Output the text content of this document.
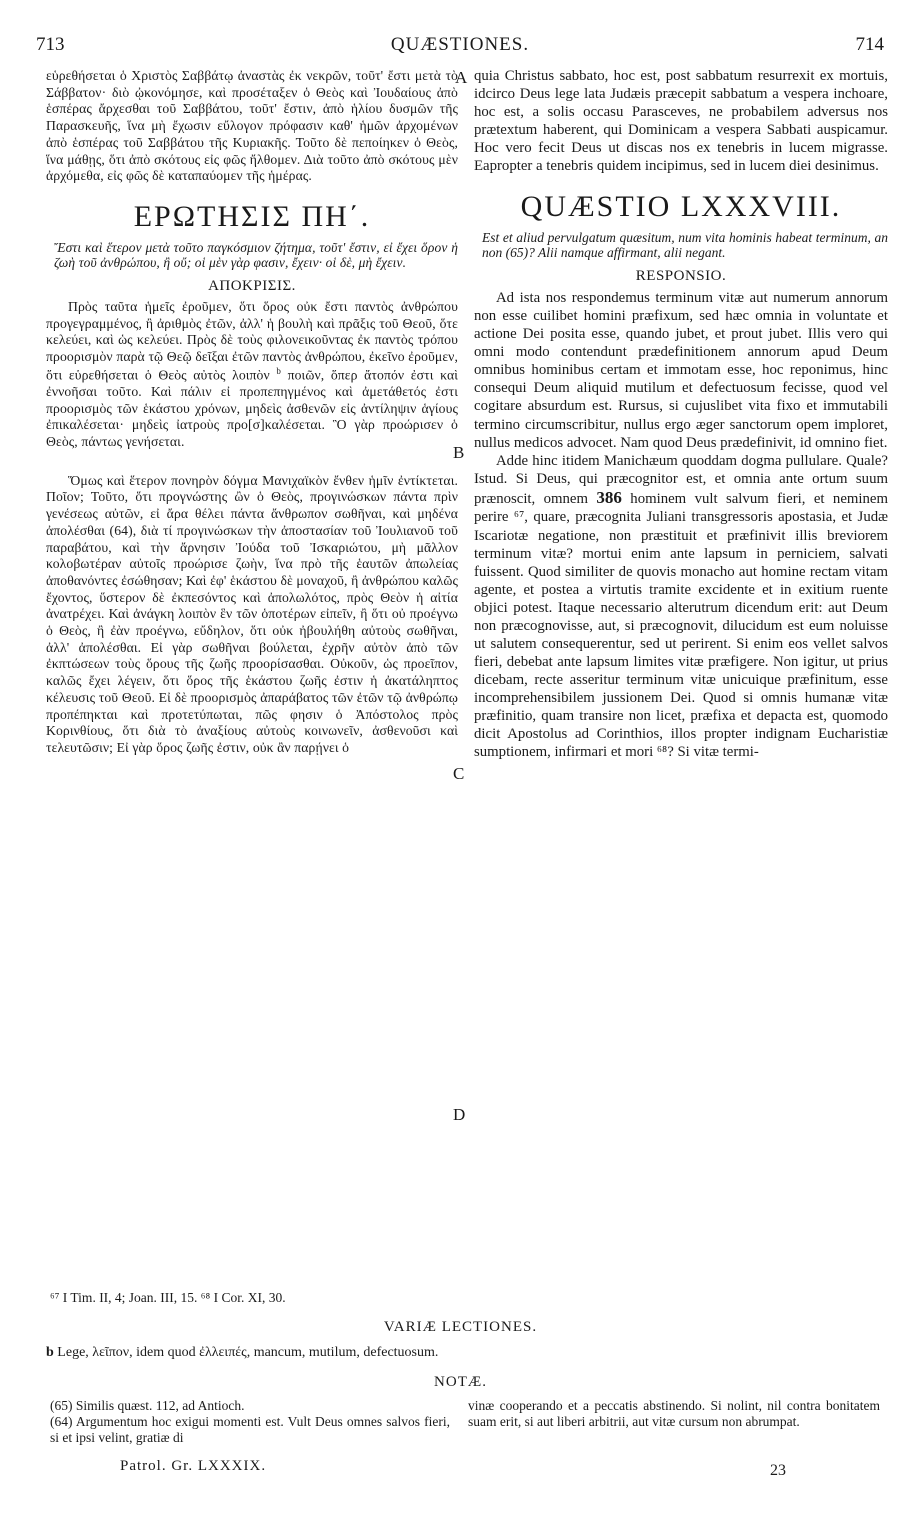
713	QUÆSTIONES.	714
A
B
C
D

εὑρεθήσεται ὁ Χριστὸς Σαββάτῳ ἀναστὰς ἐκ νεκρῶν, τοῦτ' ἔστι μετὰ τὸ Σάββατον· διὸ ᾠκονόμησε, καὶ προσέταξεν ὁ Θεὸς καὶ Ἰουδαίους ἀπὸ ἑσπέρας ἄρχεσθαι τοῦ Σαββάτου, τοῦτ' ἔστιν, ἀπὸ ἡλίου δυσμῶν τῆς Παρασκευῆς, ἵνα μὴ ἔχωσιν εὔλογον πρόφασιν καθ' ἡμῶν ἀρχομένων ἀπὸ ἑσπέρας τοῦ Σαββάτου τῆς Κυριακῆς. Τοῦτο δὲ πεποίηκεν ὁ Θεὸς, ἵνα μάθῃς, ὅτι ἀπὸ σκότους εἰς φῶς ἤλθομεν. Διὰ τοῦτο ἀπὸ σκότους μὲν ἀρχόμεθα, εἰς φῶς δὲ καταπαύομεν τῆς ἡμέρας.

ΕΡΩΤΗΣΙΣ ΠΗ΄.

Ἔστι καὶ ἕτερον μετὰ τοῦτο παγκόσμιον ζήτημα, τοῦτ' ἔστιν, εἰ ἔχει ὅρον ἡ ζωὴ τοῦ ἀνθρώπου, ἢ οὔ; οἱ μὲν γὰρ φασιν, ἔχειν· οἱ δὲ, μὴ ἔχειν.

ΑΠΟΚΡΙΣΙΣ.

Πρὸς ταῦτα ἡμεῖς ἐροῦμεν, ὅτι ὅρος οὐκ ἔστι παντὸς ἀνθρώπου προγεγραμμένος, ἢ ἀριθμὸς ἐτῶν, ἀλλ' ἡ βουλὴ καὶ πρᾶξις τοῦ Θεοῦ, ὅτε κελεύει, καὶ ὡς κελεύει. Πρὸς δὲ τοὺς φιλονεικοῦντας ἐκ παντὸς τρόπου προορισμὸν παρὰ τῷ Θεῷ δεῖξαι ἐτῶν παντὸς ἀνθρώπου, ἐκεῖνο ἐροῦμεν, ὅτι εὑρεθήσεται ὁ Θεὸς αὐτὸς λοιπὸν $^b$ ποιῶν, ὅπερ ἄτοπόν ἐστι καὶ ἐννοῆσαι τοῦτο. Καὶ πάλιν εἰ προπεπηγμένος καὶ ἀμετάθετός ἐστι προορισμὸς τῶν ἑκάστου χρόνων, μηδεὶς ἀσθενῶν εἰς ἀντίληψιν ἁγίους ἐπικαλέσεται· μηδεὶς ἰατροὺς προ[σ]καλέσεται. Ὃ γὰρ προώρισεν ὁ Θεὸς, πάντως γενήσεται.

Ὅμως καὶ ἕτερον πονηρὸν δόγμα Μανιχαϊκὸν ἔνθεν ἡμῖν ἐντίκτεται. Ποῖον; Τοῦτο, ὅτι προγνώστης ὢν ὁ Θεὸς, προγινώσκων πάντα πρὶν γενέσεως αὐτῶν, εἰ ἄρα θέλει πάντα ἄνθρωπον σωθῆναι, καὶ μηδένα ἀπολέσθαι (64), διὰ τί προγινώσκων τὴν ἀποστασίαν τοῦ Ἰουλιανοῦ τοῦ παραβάτου, καὶ τὴν ἄρνησιν Ἰούδα τοῦ Ἰσκαριώτου, μὴ μᾶλλον κολοβωτέραν αὐτοῖς προώρισε ζωὴν, ἵνα πρὸ τῆς ἑαυτῶν ἀπωλείας ἀποθανόντες ἐσώθησαν; Καὶ ἐφ' ἑκάστου δὲ μοναχοῦ, ἢ ἀνθρώπου καλῶς ἔχοντος, ὕστερον δὲ ἐκπεσόντος καὶ ἀπολωλότος, πρὸς Θεὸν ἡ αἰτία ἀνατρέχει. Καὶ ἀνάγκη λοιπὸν ἓν τῶν ὁποτέρων εἰπεῖν, ἢ ὅτι οὐ προέγνω ὁ Θεὸς, ἢ ἐὰν προέγνω, εὔδηλον, ὅτι οὐκ ἠβουλήθη αὐτοὺς σωθῆναι, ἀλλ' ἀπολέσθαι. Εἰ γὰρ σωθῆναι βούλεται, ἐχρῆν αὐτὸν ἀπὸ τῶν ἐκπτώσεων τοὺς ὅρους τῆς ζωῆς προορίσασθαι. Οὐκοῦν, ὡς προεῖπον, καλῶς ἔχει λέγειν, ὅτι ὅρος τῆς ἑκάστου ζωῆς ἐστιν ἡ ἀκατάληπτος κέλευσις τοῦ Θεοῦ. Εἰ δὲ προορισμὸς ἀπαράβατος τῶν ἐτῶν τῷ ἀνθρώπῳ προπέπηκται καὶ προτετύπωται, πῶς φησιν ὁ Ἀπόστολος πρὸς Κορινθίους, ὅτι διὰ τὸ ἀναξίους αὐτοὺς κοινωνεῖν, ἀσθενοῦσι καὶ τελευτῶσιν; Εἰ γὰρ ὅρος ζωῆς ἐστιν, οὐκ ἂν παρῄνει ὁ

quia Christus sabbato, hoc est, post sabbatum resurrexit ex mortuis, idcirco Deus lege lata Judæis præcepit sabbatum a vespera inchoare, hoc est, a solis occasu Parasceves, ne probabilem adversus nos prætextum haberent, qui Dominicam a vespera Sabbati auspicamur. Hoc vero fecit Deus ut discas nos ex tenebris in lucem migrasse. Eapropter a tenebris quidem incipimus, sed in lucem diei desinimus.

QUÆSTIO LXXXVIII.

Est et aliud pervulgatum quæsitum, num vita hominis habeat terminum, an non (65)? Alii namque affirmant, alii negant.

RESPONSIO.

Ad ista nos respondemus terminum vitæ aut numerum annorum non esse cuilibet homini præfixum, sed hæc omnia in voluntate et actione Dei posita esse, quando jubet, et prout jubet. Illis vero qui omni modo contendunt prædefinitionem annorum apud Deum omnibus hominibus certam et immotam esse, hoc reponimus, hinc consequi Deum aliquid mutilum et defectuosum fecisse, quod vel cogitare absurdum est. Rursus, si cujuslibet vita fixo et immutabili termino circumscribitur, nullus ergo æger sanctorum opem imploret, nullus medicos advocet. Nam quod Deus prædefinivit, id omnino fiet.

Adde hinc itidem Manichæum quoddam dogma pullulare. Quale? Istud. Si Deus, qui præcognitor est, et omnia ante ortum suum prænoscit, omnem 386 hominem vult salvum fieri, et neminem perire ⁶⁷, quare, præcognita Juliani transgressoris apostasia, et Judæ Iscariotæ negatione, non præstituit et præfinivit illis breviorem terminum vitæ? mortui enim ante lapsum in perniciem, salvati fuissent. Quod similiter de quovis monacho aut homine rectam vitam agente, et postea a virtutis tramite excidente et in exitium ruente objici potest. Itaque necessario alterutrum dicendum erit: aut Deum non præcognovisse, aut, si præcognovit, dilucidum est eum noluisse ut salutem consequerentur, sed ut perirent. Si enim eos vellet salvos fieri, debebat ante lapsum limites vitæ præfigere. Non igitur, ut prius dicebam, recte asseritur terminum vitæ unicuique præfinitum, esse incomprehensibilem jussionem Dei. Quod si omnis humanæ vitæ præfinitio, quam transire non licet, præfixa et depacta est, quomodo dicit Apostolus ad Corinthios, illos propter indignam Eucharistiæ sumptionem, infirmari et mori ⁶⁸? Si vitæ termi-

⁶⁷ I Tim. II, 4; Joan. III, 15. ⁶⁸ I Cor. XI, 30.
VARIÆ LECTIONES.
b Lege, λεῖπον, idem quod ἐλλειπές, mancum, mutilum, defectuosum.
NOTÆ.
(65) Similis quæst. 112, ad Antioch.
(64) Argumentum hoc exigui momenti est. Vult Deus omnes salvos fieri, si et ipsi velint, gratiæ di
vinæ cooperando et a peccatis abstinendo. Si nolint, nil contra bonitatem suam erit, si aut liberi arbitrii, aut vitæ cursum non abrumpat.
Patrol. Gr. LXXXIX.	23
